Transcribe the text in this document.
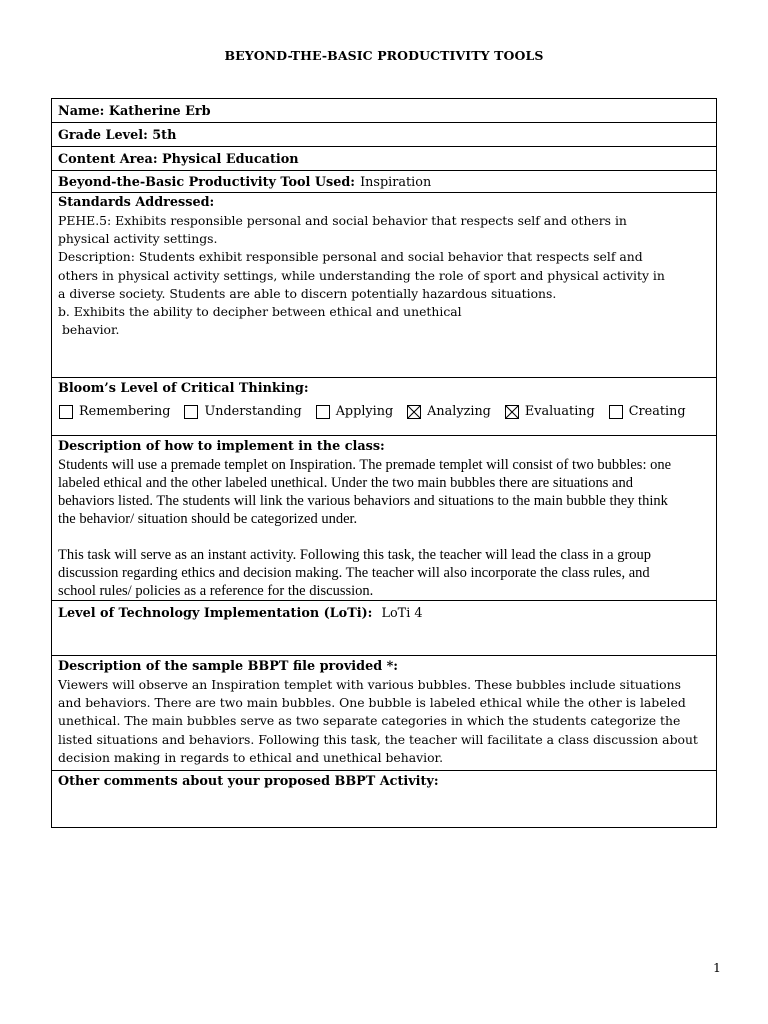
BEYOND-THE-BASIC PRODUCTIVITY TOOLS
Name: Katherine Erb
Grade Level: 5th
Content Area: Physical Education
Beyond-the-Basic Productivity Tool Used: Inspiration

Standards Addressed:
PEHE.5: Exhibits responsible personal and social behavior that respects self and others in
physical activity settings.
Description: Students exhibit responsible personal and social behavior that respects self and
others in physical activity settings, while understanding the role of sport and physical activity in
a diverse society. Students are able to discern potentially hazardous situations.
b. Exhibits the ability to decipher between ethical and unethical
behavior.

Bloom’s Level of Critical Thinking:
Remembering	Understanding	Applying	Analyzing	Evaluating	Creating

Description of how to implement in the class:
Students will use a premade templet on Inspiration. The premade templet will consist of two bubbles: one
labeled ethical and the other labeled unethical. Under the two main bubbles there are situations and
behaviors listed. The students will link the various behaviors and situations to the main bubble they think
the behavior/ situation should be categorized under.
This task will serve as an instant activity. Following this task, the teacher will lead the class in a group
discussion regarding ethics and decision making. The teacher will also incorporate the class rules, and
school rules/ policies as a reference for the discussion.

Level of Technology Implementation (LoTi): LoTi 4

Description of the sample BBPT file provided *:
Viewers will observe an Inspiration templet with various bubbles. These bubbles include situations
and behaviors. There are two main bubbles. One bubble is labeled ethical while the other is labeled
unethical. The main bubbles serve as two separate categories in which the students categorize the
listed situations and behaviors. Following this task, the teacher will facilitate a class discussion about
decision making in regards to ethical and unethical behavior.

Other comments about your proposed BBPT Activity:
1
